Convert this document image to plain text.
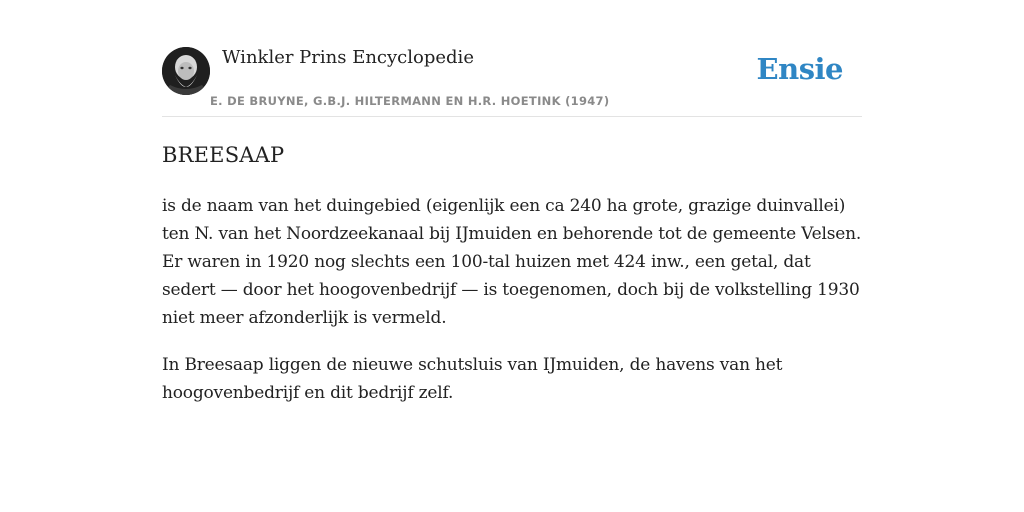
Winkler Prins Encyclopedie
E. DE BRUYNE, G.B.J. HILTERMANN EN H.R. HOETINK (1947)
Ensie
BREESAAP

is de naam van het duingebied (eigenlijk een ca 240 ha grote, grazige duinvallei) ten N. van het Noordzeekanaal bij IJmuiden en behorende tot de gemeente Velsen. Er waren in 1920 nog slechts een 100-tal huizen met 424 inw., een getal, dat sedert — door het hoogovenbedrijf — is toegenomen, doch bij de volkstelling 1930 niet meer afzonderlijk is vermeld.

In Breesaap liggen de nieuwe schutsluis van IJmuiden, de havens van het hoogovenbedrijf en dit bedrijf zelf.
